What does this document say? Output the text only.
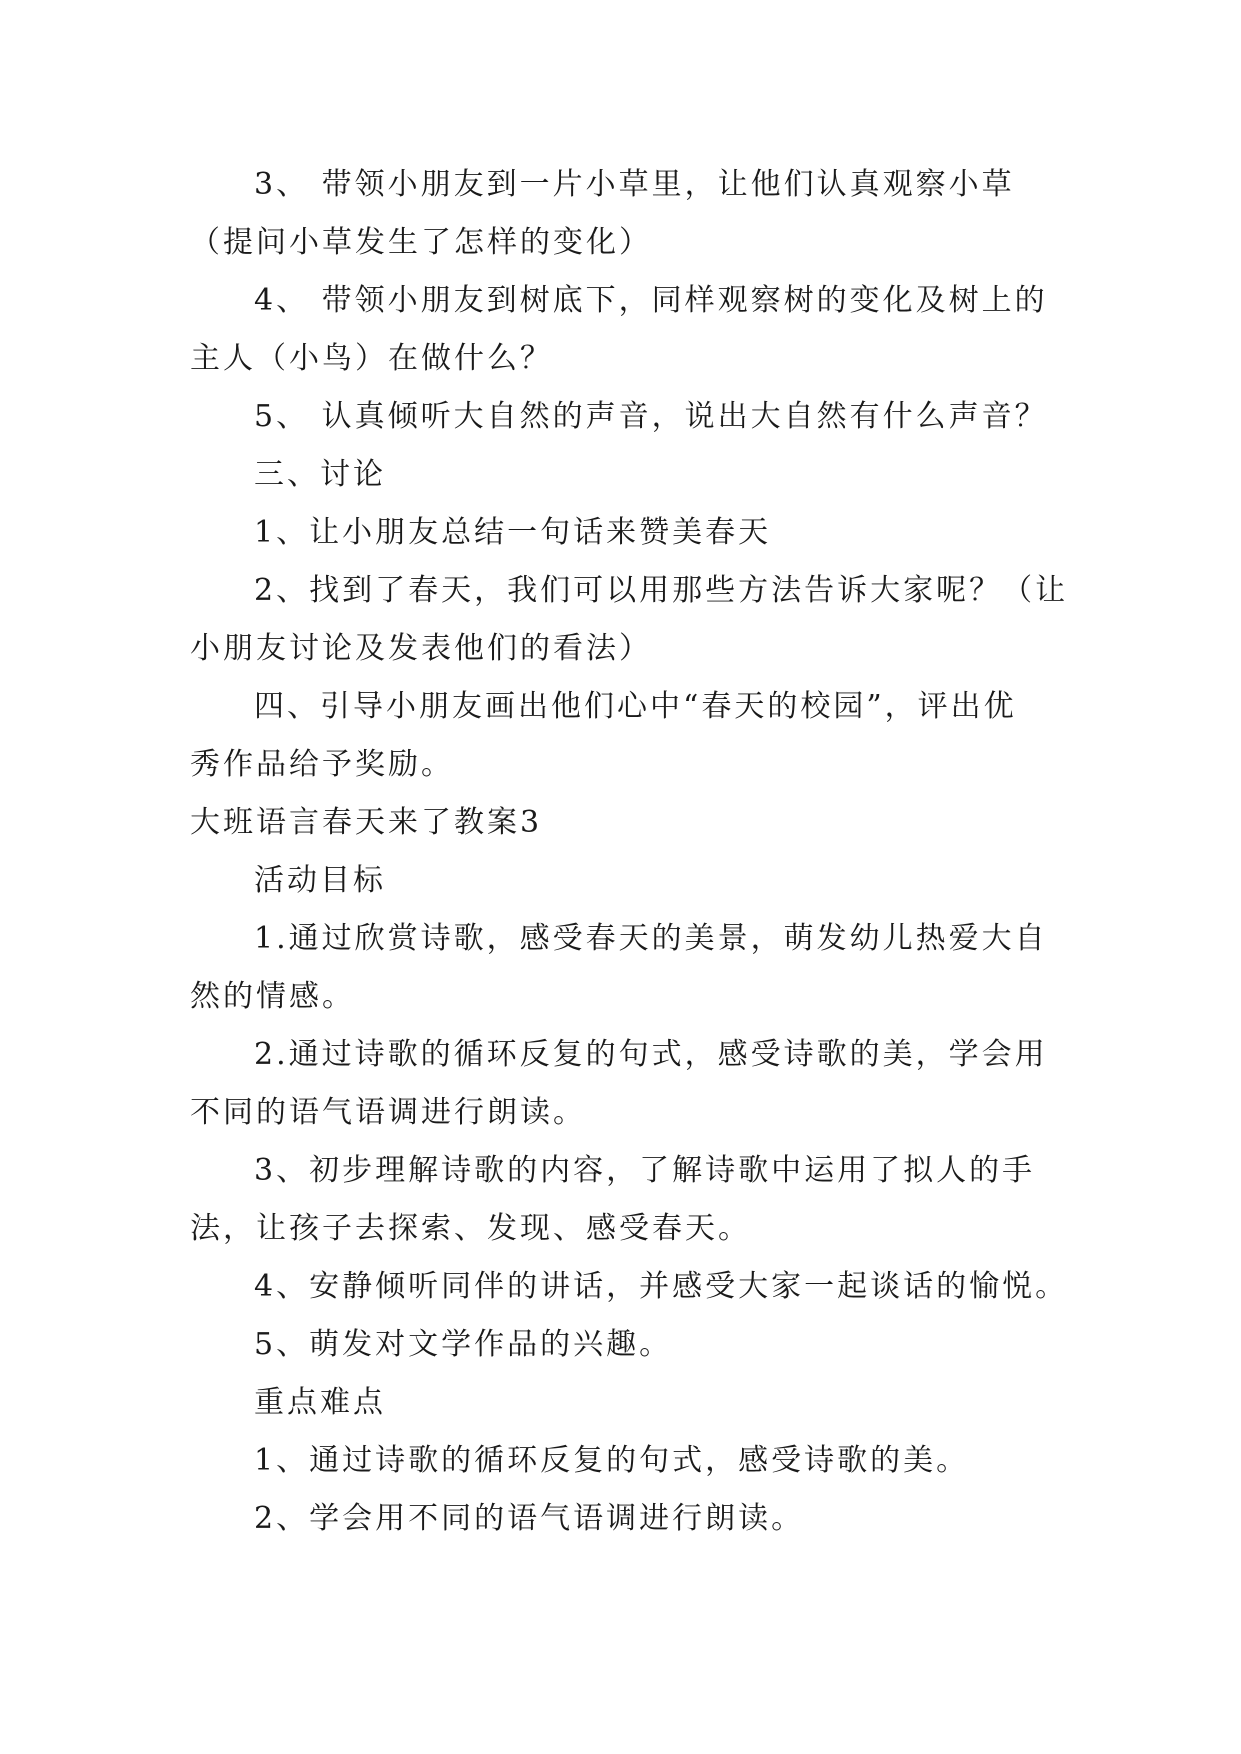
3、 带领小朋友到一片小草里，让他们认真观察小草
（提问小草发生了怎样的变化）
4、 带领小朋友到树底下，同样观察树的变化及树上的
主人（小鸟）在做什么？
5、 认真倾听大自然的声音，说出大自然有什么声音？
三、讨论
1、让小朋友总结一句话来赞美春天
2、找到了春天，我们可以用那些方法告诉大家呢？（让
小朋友讨论及发表他们的看法）
四、引导小朋友画出他们心中“春天的校园”，评出优
秀作品给予奖励。
大班语言春天来了教案3
活动目标
1.通过欣赏诗歌，感受春天的美景，萌发幼儿热爱大自
然的情感。
2.通过诗歌的循环反复的句式，感受诗歌的美，学会用
不同的语气语调进行朗读。
3、初步理解诗歌的内容，了解诗歌中运用了拟人的手
法，让孩子去探索、发现、感受春天。
4、安静倾听同伴的讲话，并感受大家一起谈话的愉悦。
5、萌发对文学作品的兴趣。
重点难点
1、通过诗歌的循环反复的句式，感受诗歌的美。
2、学会用不同的语气语调进行朗读。
